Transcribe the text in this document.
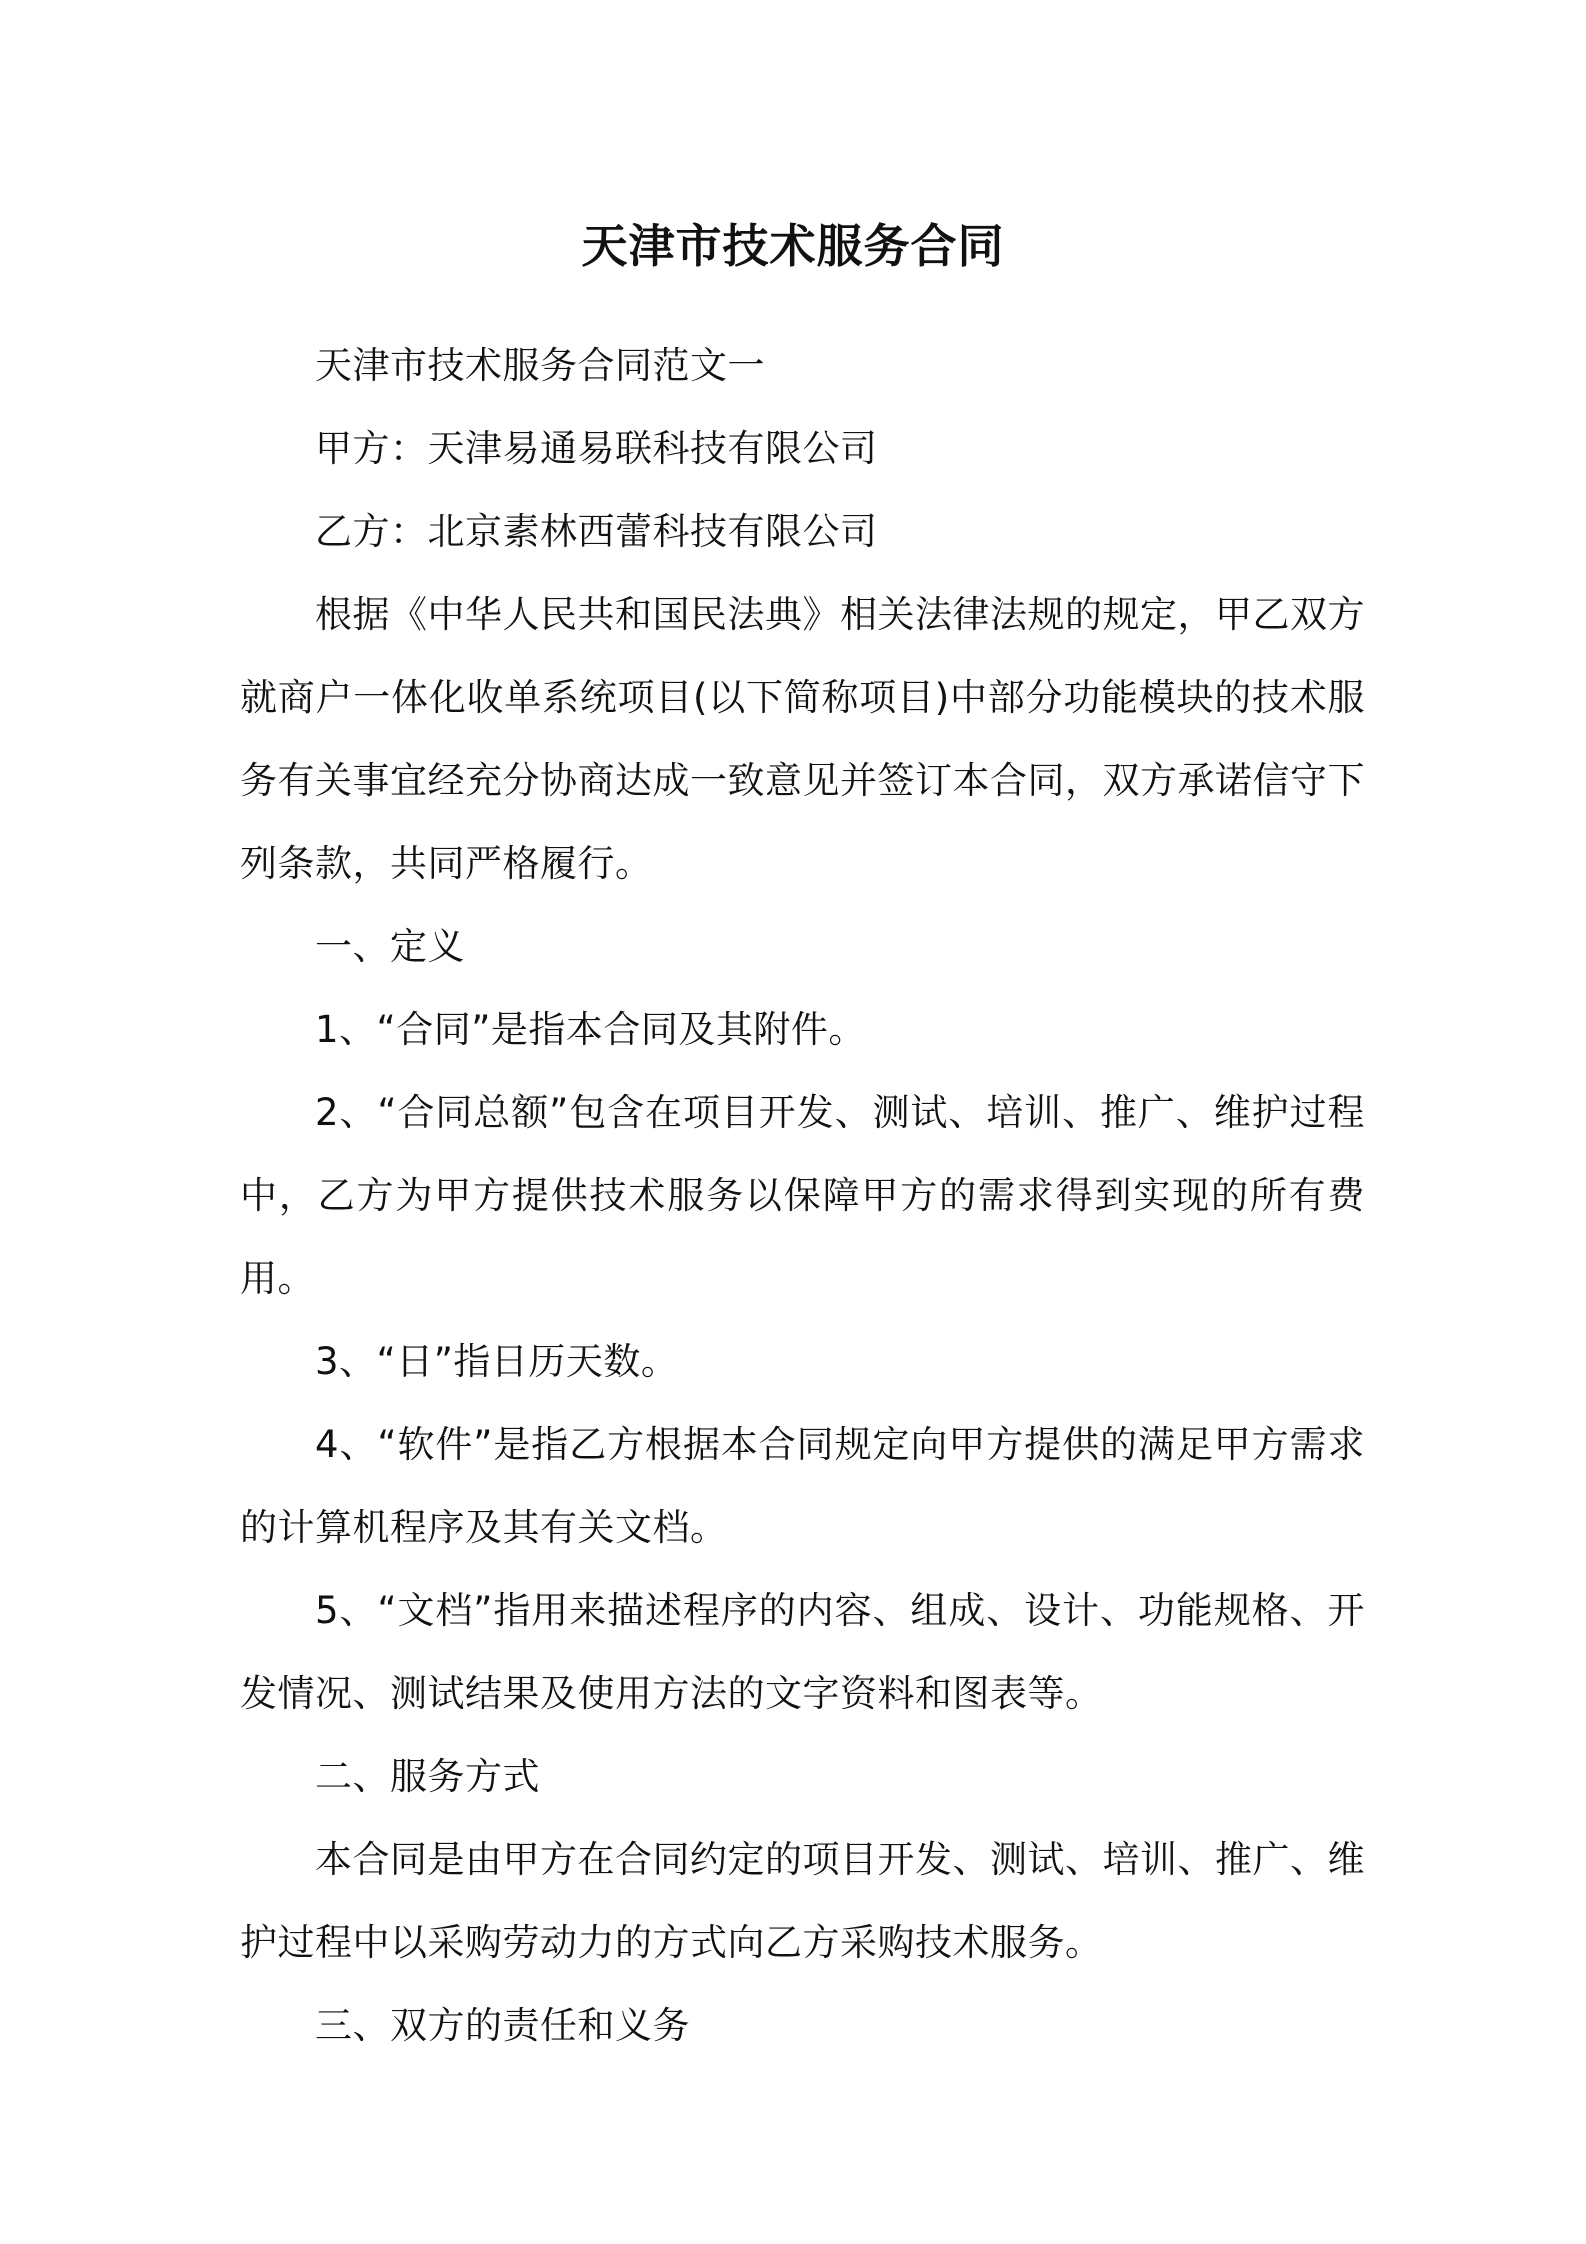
天津市技术服务合同

天津市技术服务合同范文一

甲方：天津易通易联科技有限公司

乙方：北京素林西蕾科技有限公司

根据《中华人民共和国民法典》相关法律法规的规定，甲乙双方就商户一体化收单系统项目(以下简称项目)中部分功能模块的技术服务有关事宜经充分协商达成一致意见并签订本合同，双方承诺信守下列条款，共同严格履行。

一、定义

1、“合同”是指本合同及其附件。

2、“合同总额”包含在项目开发、测试、培训、推广、维护过程中，乙方为甲方提供技术服务以保障甲方的需求得到实现的所有费用。

3、“日”指日历天数。

4、“软件”是指乙方根据本合同规定向甲方提供的满足甲方需求的计算机程序及其有关文档。

5、“文档”指用来描述程序的内容、组成、设计、功能规格、开发情况、测试结果及使用方法的文字资料和图表等。

二、服务方式

本合同是由甲方在合同约定的项目开发、测试、培训、推广、维护过程中以采购劳动力的方式向乙方采购技术服务。

三、双方的责任和义务
